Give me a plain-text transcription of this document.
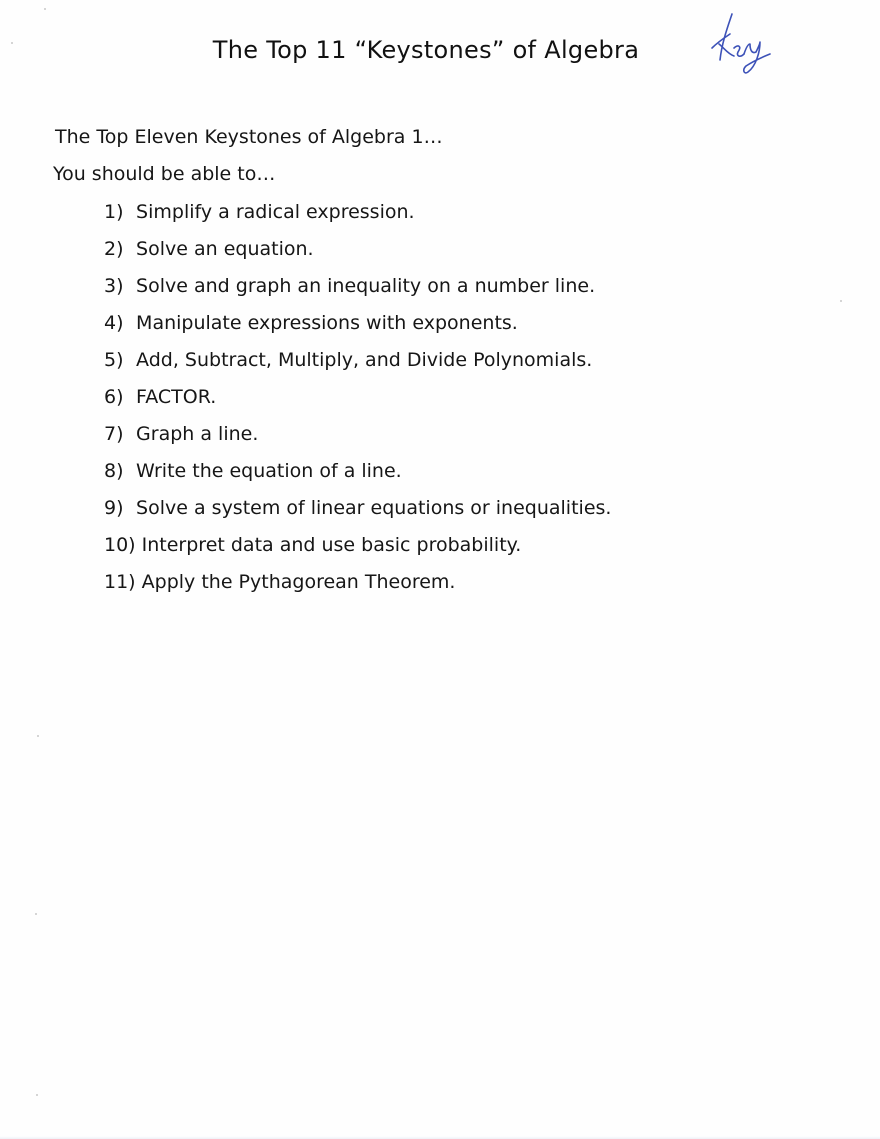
The Top 11 “Keystones” of Algebra
The Top Eleven Keystones of Algebra 1…
You should be able to…
1) Simplify a radical expression.
2) Solve an equation.
3) Solve and graph an inequality on a number line.
4) Manipulate expressions with exponents.
5) Add, Subtract, Multiply, and Divide Polynomials.
6) FACTOR.
7) Graph a line.
8) Write the equation of a line.
9) Solve a system of linear equations or inequalities.
10) Interpret data and use basic probability.
11) Apply the Pythagorean Theorem.
